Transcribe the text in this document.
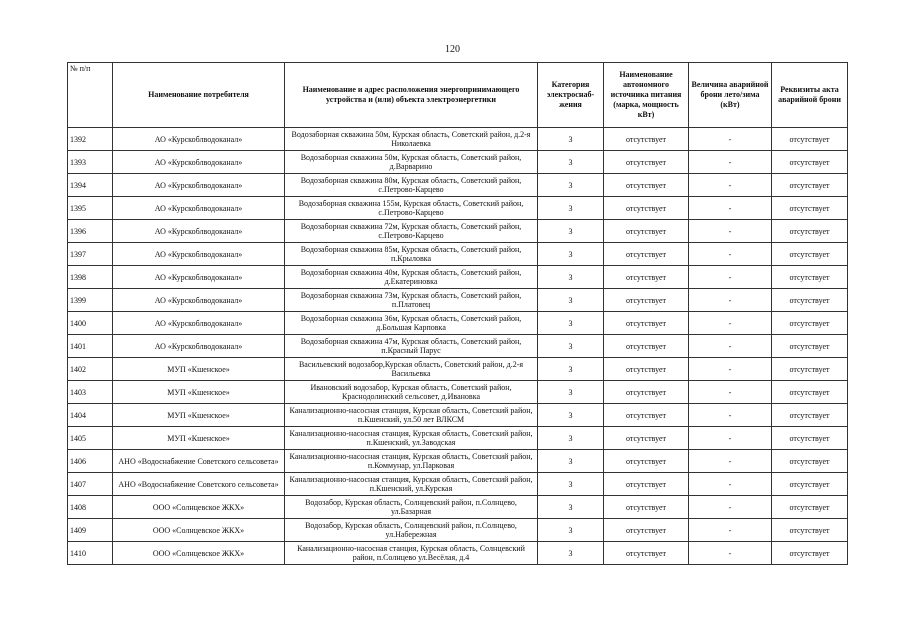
120
№ п/п	Наименование потребителя	Наименование и адрес расположения энергопринимающего устройства и (или) объекта электроэнергетики	Категория электроснаб-жения	Наименование автономного источника питания (марка, мощность кВт)	Величина аварийной брони лето/зима (кВт)	Реквизиты акта аварийной брони
1392	АО «Курскоблводоканал»	Водозаборная скважина 50м, Курская область, Советский район, д.2-я Николаевка	3	отсутствует	-	отсутствует
1393	АО «Курскоблводоканал»	Водозаборная скважина 50м, Курская область, Советский район, д.Варварино	3	отсутствует	-	отсутствует
1394	АО «Курскоблводоканал»	Водозаборная скважина 80м, Курская область, Советский район, с.Петрово-Карцево	3	отсутствует	-	отсутствует
1395	АО «Курскоблводоканал»	Водозаборная скважина 155м, Курская область, Советский район, с.Петрово-Карцево	3	отсутствует	-	отсутствует
1396	АО «Курскоблводоканал»	Водозаборная скважина 72м, Курская область, Советский район, с.Петрово-Карцево	3	отсутствует	-	отсутствует
1397	АО «Курскоблводоканал»	Водозаборная скважина 85м, Курская область, Советский район, п.Крыловка	3	отсутствует	-	отсутствует
1398	АО «Курскоблводоканал»	Водозаборная скважина 40м, Курская область, Советский район, д.Екатериновка	3	отсутствует	-	отсутствует
1399	АО «Курскоблводоканал»	Водозаборная скважина 73м, Курская область, Советский район, п.Платовец	3	отсутствует	-	отсутствует
1400	АО «Курскоблводоканал»	Водозаборная скважина 36м, Курская область, Советский район, д.Большая Карповка	3	отсутствует	-	отсутствует
1401	АО «Курскоблводоканал»	Водозаборная скважина 47м, Курская область, Советский район, п.Красный Парус	3	отсутствует	-	отсутствует
1402	МУП «Кшенское»	Васильевский водозабор,Курская область, Советский район, д.2-я Васильевка	3	отсутствует	-	отсутствует
1403	МУП «Кшенское»	Ивановский водозабор, Курская область, Советский район, Краснодолинский сельсовет, д.Ивановка	3	отсутствует	-	отсутствует
1404	МУП «Кшенское»	Канализационно-насосная станция, Курская область, Советский район, п.Кшенский, ул.50 лет ВЛКСМ	3	отсутствует	-	отсутствует
1405	МУП «Кшенское»	Канализационно-насосная станция, Курская область, Советский район, п.Кшенский, ул.Заводская	3	отсутствует	-	отсутствует
1406	АНО «Водоснабжение Советского сельсовета»	Канализационно-насосная станция, Курская область, Советский район, п.Коммунар, ул.Парковая	3	отсутствует	-	отсутствует
1407	АНО «Водоснабжение Советского сельсовета»	Канализационно-насосная станция, Курская область, Советский район, п.Кшенский, ул.Курская	3	отсутствует	-	отсутствует
1408	ООО «Солнцевское ЖКХ»	Водозабор, Курская область, Солнцевский район, п.Солнцево, ул.Базарная	3	отсутствует	-	отсутствует
1409	ООО «Солнцевское ЖКХ»	Водозабор, Курская область, Солнцевский район, п.Солнцево, ул.Набережная	3	отсутствует	-	отсутствует
1410	ООО «Солнцевское ЖКХ»	Канализационно-насосная станция, Курская область, Солнцевский район, п.Солнцево ул.Весёлая, д.4	3	отсутствует	-	отсутствует
